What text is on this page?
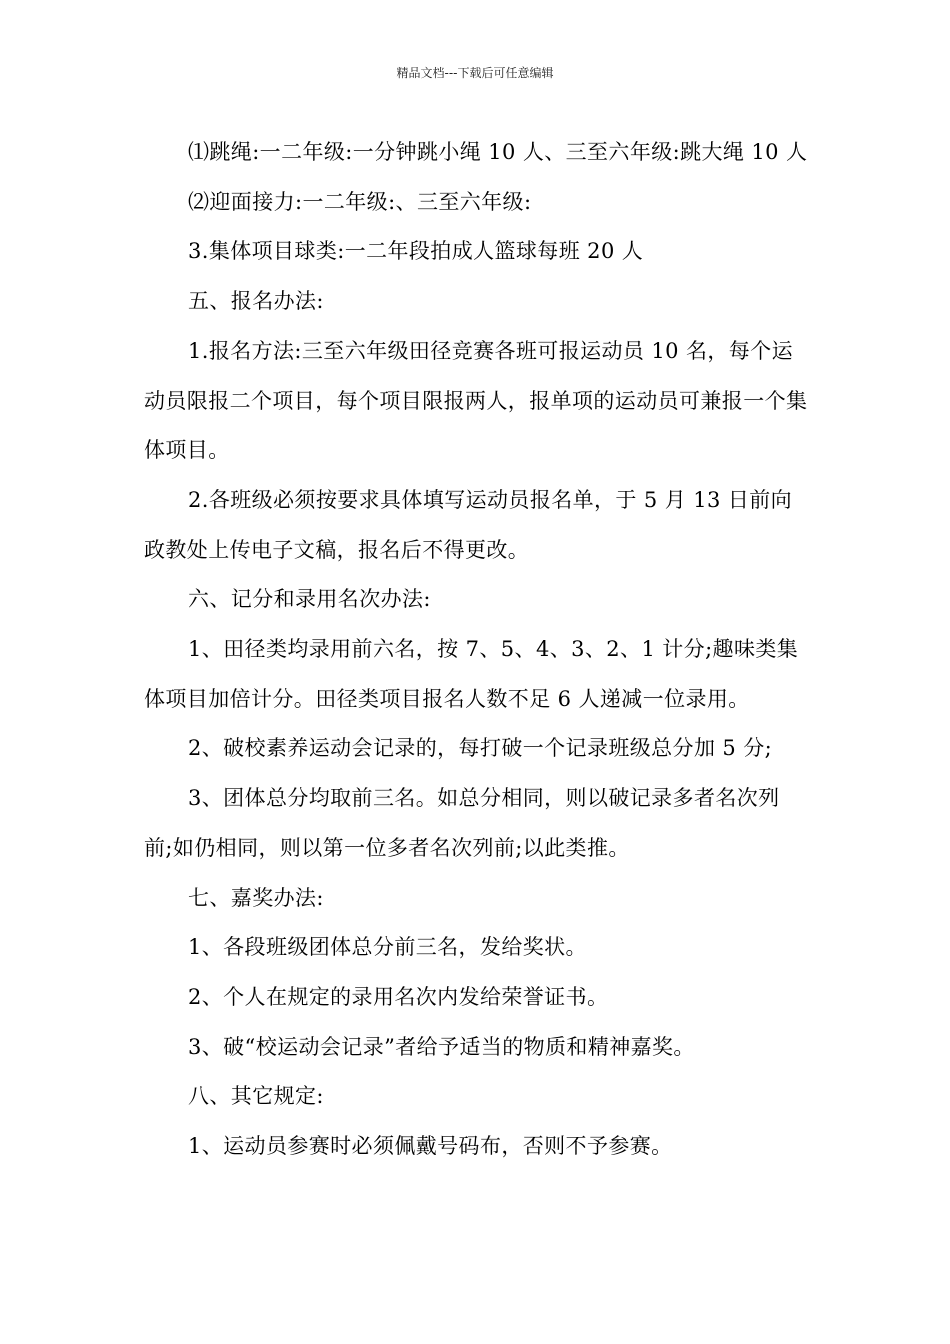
精品文档---下载后可任意编辑

⑴跳绳:一二年级:一分钟跳小绳 10 人、三至六年级:跳大绳 10 人

⑵迎面接力:一二年级:、三至六年级:

3.集体项目球类:一二年段拍成人篮球每班 20 人

五、报名办法:

1.报名方法:三至六年级田径竞赛各班可报运动员 10 名，每个运动员限报二个项目，每个项目限报两人，报单项的运动员可兼报一个集体项目。

2.各班级必须按要求具体填写运动员报名单，于 5 月 13 日前向政教处上传电子文稿，报名后不得更改。

六、记分和录用名次办法:

1、田径类均录用前六名，按 7、5、4、3、2、1 计分;趣味类集体项目加倍计分。田径类项目报名人数不足 6 人递减一位录用。

2、破校素养运动会记录的，每打破一个记录班级总分加 5 分;

3、团体总分均取前三名。如总分相同，则以破记录多者名次列前;如仍相同，则以第一位多者名次列前;以此类推。

七、嘉奖办法:

1、各段班级团体总分前三名，发给奖状。

2、个人在规定的录用名次内发给荣誉证书。

3、破“校运动会记录”者给予适当的物质和精神嘉奖。

八、其它规定:

1、运动员参赛时必须佩戴号码布，否则不予参赛。
